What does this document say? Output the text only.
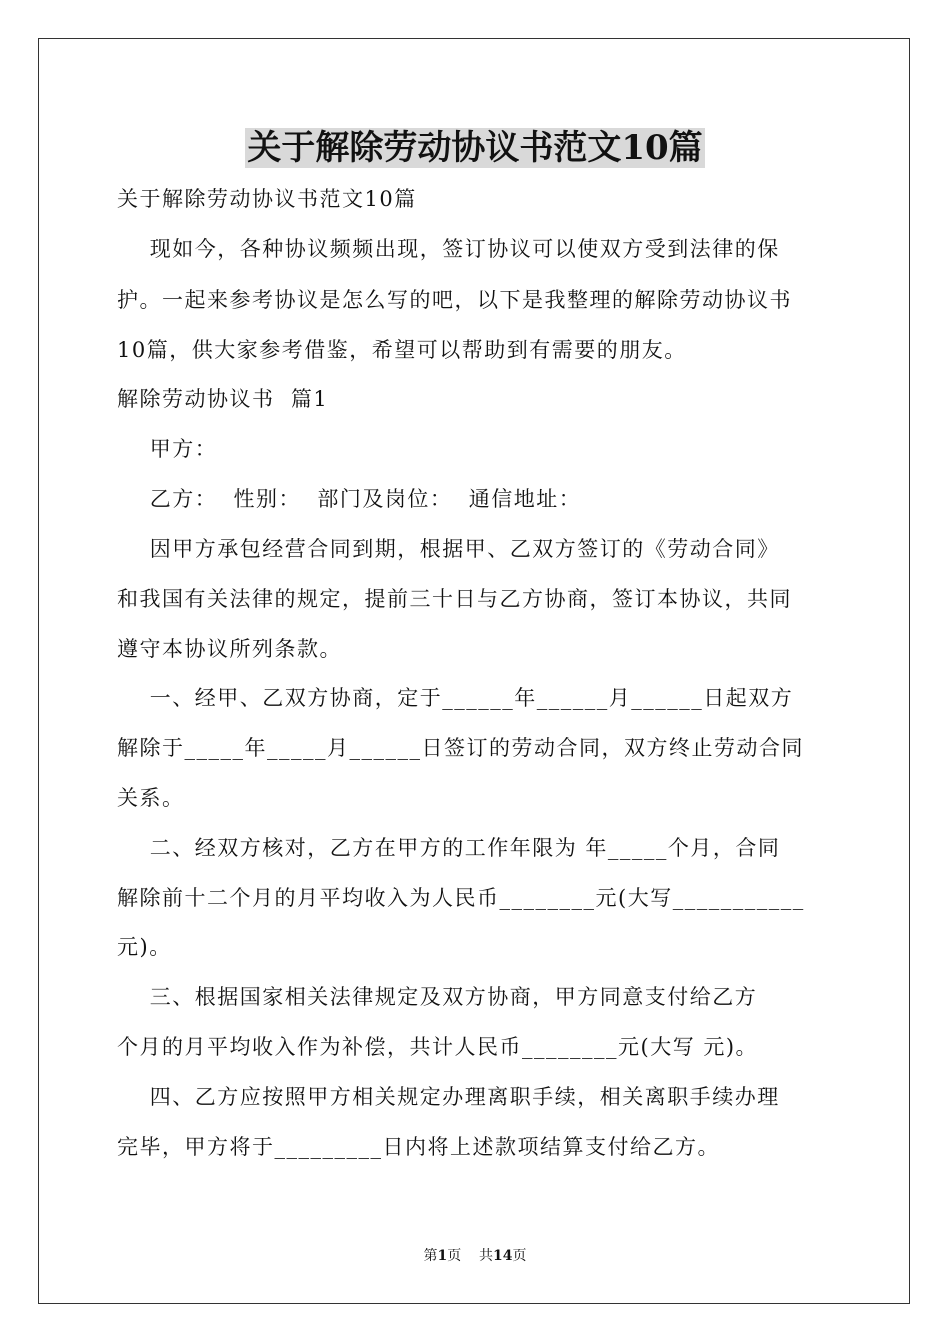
关于解除劳动协议书范文10篇
关于解除劳动协议书范文10篇
现如今，各种协议频频出现，签订协议可以使双方受到法律的保
护。一起来参考协议是怎么写的吧，以下是我整理的解除劳动协议书
10篇，供大家参考借鉴，希望可以帮助到有需要的朋友。
解除劳动协议书  篇1
甲方：
乙方：  性别：  部门及岗位：  通信地址：
因甲方承包经营合同到期，根据甲、乙双方签订的《劳动合同》
和我国有关法律的规定，提前三十日与乙方协商，签订本协议，共同
遵守本协议所列条款。
一、经甲、乙双方协商，定于______年______月______日起双方
解除于_____年_____月______日签订的劳动合同，双方终止劳动合同
关系。
二、经双方核对，乙方在甲方的工作年限为 年_____个月，合同
解除前十二个月的月平均收入为人民币________元(大写___________
元)。
三、根据国家相关法律规定及双方协商，甲方同意支付给乙方
个月的月平均收入作为补偿，共计人民币________元(大写 元)。
四、乙方应按照甲方相关规定办理离职手续，相关离职手续办理
完毕，甲方将于_________日内将上述款项结算支付给乙方。
第1页 共14页
